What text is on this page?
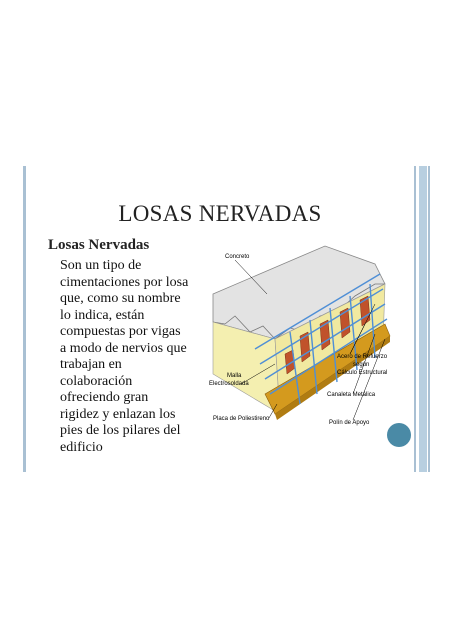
LOSAS NERVADAS
Losas Nervadas
Son un tipo de
cimentaciones por losa
que, como su nombre
lo indica, están
compuestas por vigas
a modo de nervios que
trabajan en
colaboración
ofreciendo gran
rigidez y enlazan los
pies de los pilares del
edificio
Concreto
Acero de Refuerzo
según
Cálculo Estructural
Malla
Electrosoldada
Canaleta Metálica
Placa de Poliestireno
Polín de Apoyo
